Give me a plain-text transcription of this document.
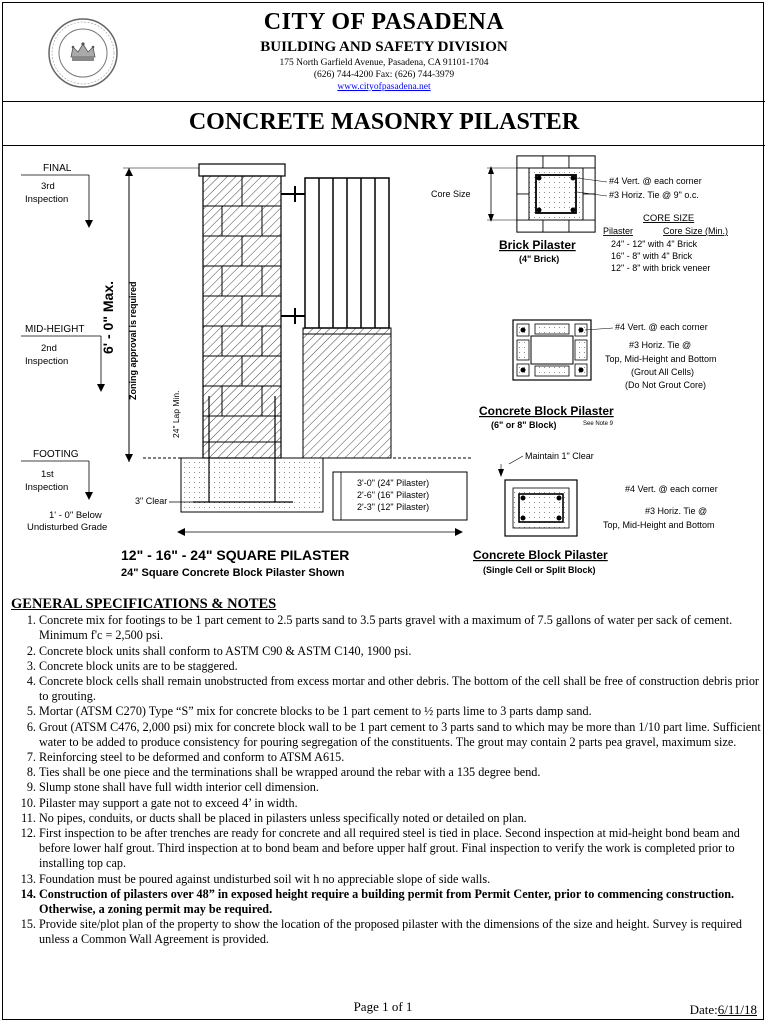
CITY OF PASADENA
BUILDING AND SAFETY DIVISION
175 North Garfield Avenue, Pasadena, CA 91101-1704
(626) 744-4200 Fax: (626) 744-3979
www.cityofpasadena.net
CONCRETE MASONRY PILASTER
FINAL
3rd
Inspection
MID-HEIGHT
2nd
Inspection
FOOTING
1st
Inspection
6' - 0" Max. Zoning approval is required
24" Lap Min.
3" Clear
1' - 0" Below
Undisturbed Grade
3'-0" (24" Pilaster)
2'-6" (16" Pilaster)
2'-3" (12" Pilaster)
12" - 16" - 24" SQUARE PILASTER
24" Square Concrete Block Pilaster Shown
Core Size
#4 Vert. @ each corner
#3 Horiz. Tie @ 9" o.c.
CORE SIZE
Pilaster	Core Size (Min.)
24" - 12" with 4" Brick
16" - 8" with 4" Brick
12" - 8" with brick veneer
Brick Pilaster
(4" Brick)
#4 Vert. @ each corner
#3 Horiz. Tie @
Top, Mid-Height and Bottom
(Grout All Cells)
(Do Not Grout Core)
Concrete Block Pilaster
(6" or 8" Block)	See Note 9
Maintain 1" Clear
#4 Vert. @ each corner
#3 Horiz. Tie @
Top, Mid-Height and Bottom
Concrete Block Pilaster
(Single Cell or Split Block)
GENERAL SPECIFICATIONS & NOTES
1. Concrete mix for footings to be 1 part cement to 2.5 parts sand to 3.5 parts gravel with a maximum of 7.5 gallons of water per sack of cement. Minimum f'c = 2,500 psi.
2. Concrete block units shall conform to ASTM C90 & ASTM C140, 1900 psi.
3. Concrete block units are to be staggered.
4. Concrete block cells shall remain unobstructed from excess mortar and other debris. The bottom of the cell shall be free of construction debris prior to grouting.
5. Mortar (ATSM C270) Type “S” mix for concrete blocks to be 1 part cement to ½ parts lime to 3 parts damp sand.
6. Grout (ATSM C476, 2,000 psi) mix for concrete block wall to be 1 part cement to 3 parts sand to which may be more than 1/10 part lime. Sufficient water to be added to produce consistency for pouring segregation of the constituents. The grout may contain 2 parts pea gravel, maximum size.
7. Reinforcing steel to be deformed and conform to ATSM A615.
8. Ties shall be one piece and the terminations shall be wrapped around the rebar with a 135 degree bend.
9. Slump stone shall have full width interior cell dimension.
10. Pilaster may support a gate not to exceed 4’ in width.
11. No pipes, conduits, or ducts shall be placed in pilasters unless specifically noted or detailed on plan.
12. First inspection to be after trenches are ready for concrete and all required steel is tied in place. Second inspection at mid-height bond beam and before lower half grout. Third inspection at to bond beam and before upper half grout. Final inspection to verify the work is completed prior to installing top cap.
13. Foundation must be poured against undisturbed soil wit h no appreciable slope of side walls.
14. Construction of pilasters over 48” in exposed height require a building permit from Permit Center, prior to commencing construction. Otherwise, a zoning permit may be required.
15. Provide site/plot plan of the property to show the location of the proposed pilaster with the dimensions of the size and height. Survey is required unless a Common Wall Agreement is provided.
Page 1 of 1	Date:6/11/18
